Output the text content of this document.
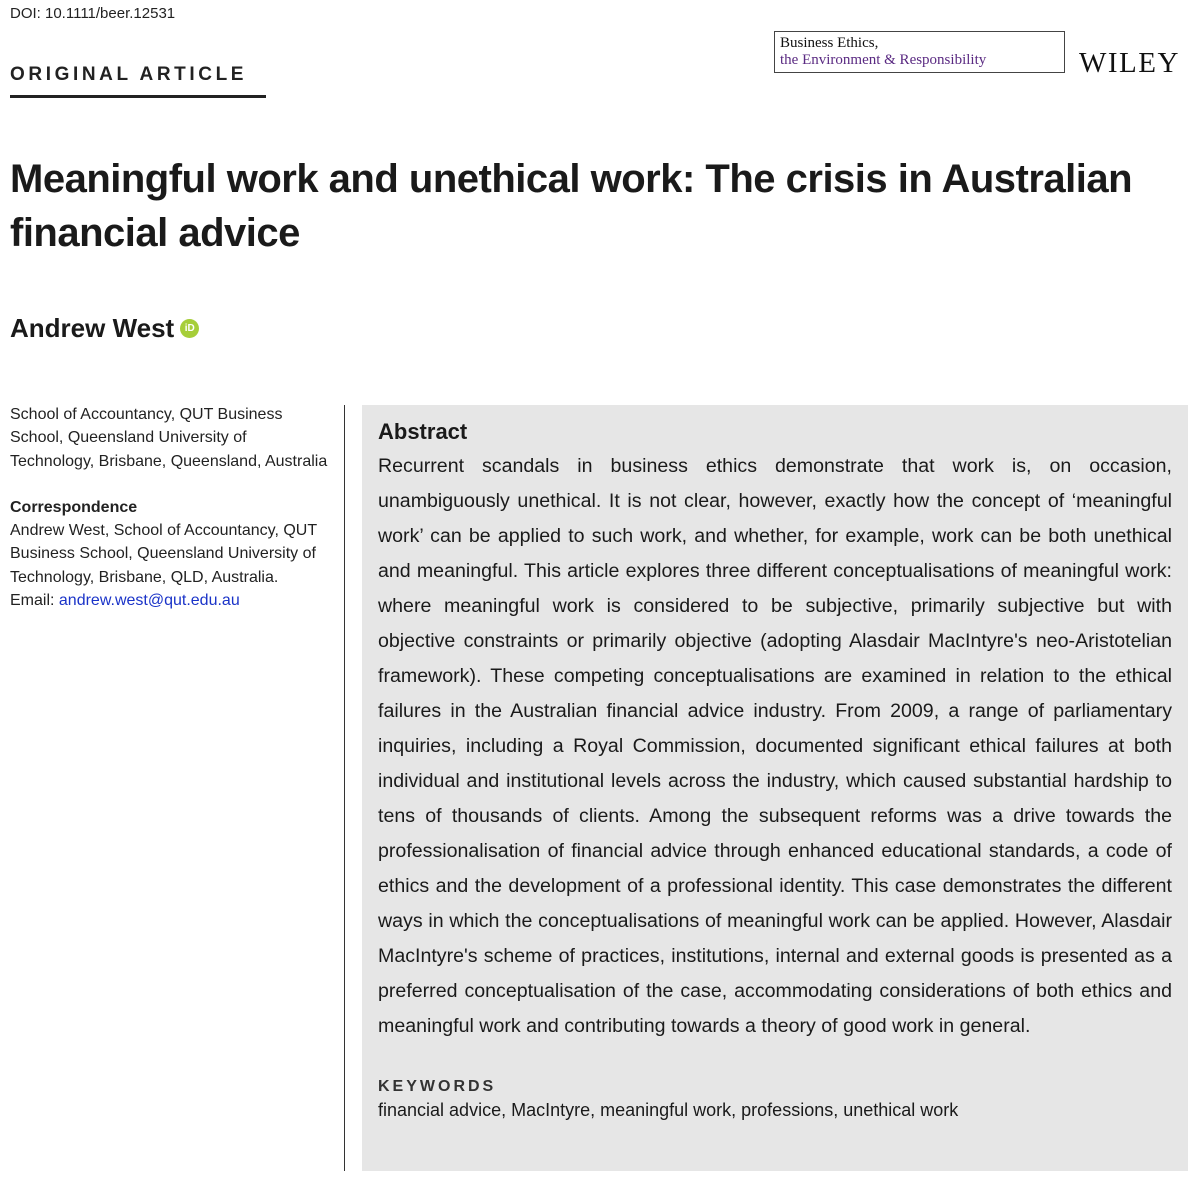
DOI: 10.1111/beer.12531
ORIGINAL ARTICLE
Business Ethics,
the Environment & Responsibility	WILEY
Meaningful work and unethical work: The crisis in Australian financial advice
Andrew West	iD

School of Accountancy, QUT Business School, Queensland University of Technology, Brisbane, Queensland, Australia

Correspondence

Andrew West, School of Accountancy, QUT Business School, Queensland University of Technology, Brisbane, QLD, Australia.

Email: andrew.west@qut.edu.au

Abstract

Recurrent scandals in business ethics demonstrate that work is, on occasion, unambiguously unethical. It is not clear, however, exactly how the concept of ‘meaningful work’ can be applied to such work, and whether, for example, work can be both unethical and meaningful. This article explores three different conceptualisations of meaningful work: where meaningful work is considered to be subjective, primarily subjective but with objective constraints or primarily objective (adopting Alasdair MacIntyre's neo-Aristotelian framework). These competing conceptualisations are examined in relation to the ethical failures in the Australian financial advice industry. From 2009, a range of parliamentary inquiries, including a Royal Commission, documented significant ethical failures at both individual and institutional levels across the industry, which caused substantial hardship to tens of thousands of clients. Among the subsequent reforms was a drive towards the professionalisation of financial advice through enhanced educational standards, a code of ethics and the development of a professional identity. This case demonstrates the different ways in which the conceptualisations of meaningful work can be applied. However, Alasdair MacIntyre's scheme of practices, institutions, internal and external goods is presented as a preferred conceptualisation of the case, accommodating considerations of both ethics and meaningful work and contributing towards a theory of good work in general.

KEYWORDS
financial advice, MacIntyre, meaningful work, professions, unethical work
